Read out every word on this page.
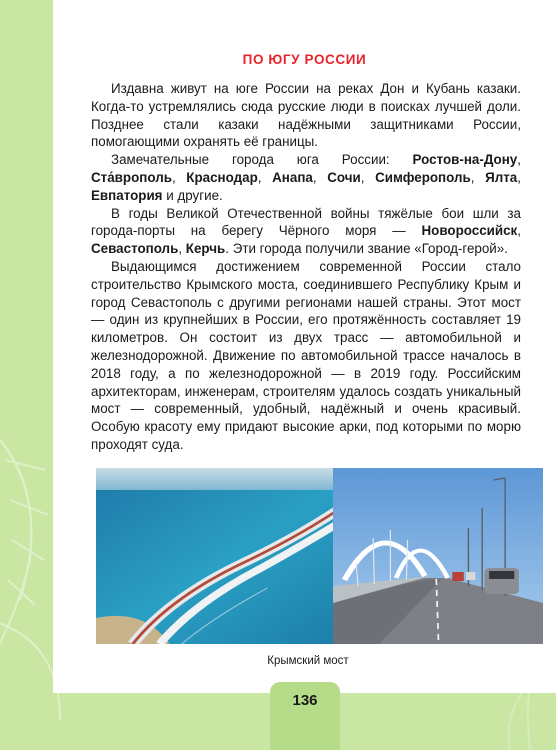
ПО ЮГУ РОССИИ

Издавна живут на юге России на реках Дон и Кубань казаки. Когда-то устремлялись сюда русские люди в поисках лучшей доли. Позднее стали казаки надёжными защитниками России, помогающими охранять её границы.

Замечательные города юга России: Ростов-на-Дону, Ста́врополь, Краснодар, Анапа, Сочи, Симферополь, Ялта, Евпатория и другие.

В годы Великой Отечественной войны тяжёлые бои шли за города-порты на берегу Чёрного моря — Новороссийск, Севастополь, Керчь. Эти города получили звание «Город-герой».

Выдающимся достижением современной России стало строительство Крымского моста, соединившего Республику Крым и город Севастополь с другими регионами нашей страны. Этот мост — один из крупнейших в России, его протяжённость составляет 19 километров. Он состоит из двух трасс — автомобильной и железнодорожной. Движение по автомобильной трассе началось в 2018 году, а по железнодорожной — в 2019 году. Российским архитекторам, инженерам, строителям удалось создать уникальный мост — современный, удобный, надёжный и очень красивый. Особую красоту ему придают высокие арки, под которыми по морю проходят суда.

Крымский мост
136
